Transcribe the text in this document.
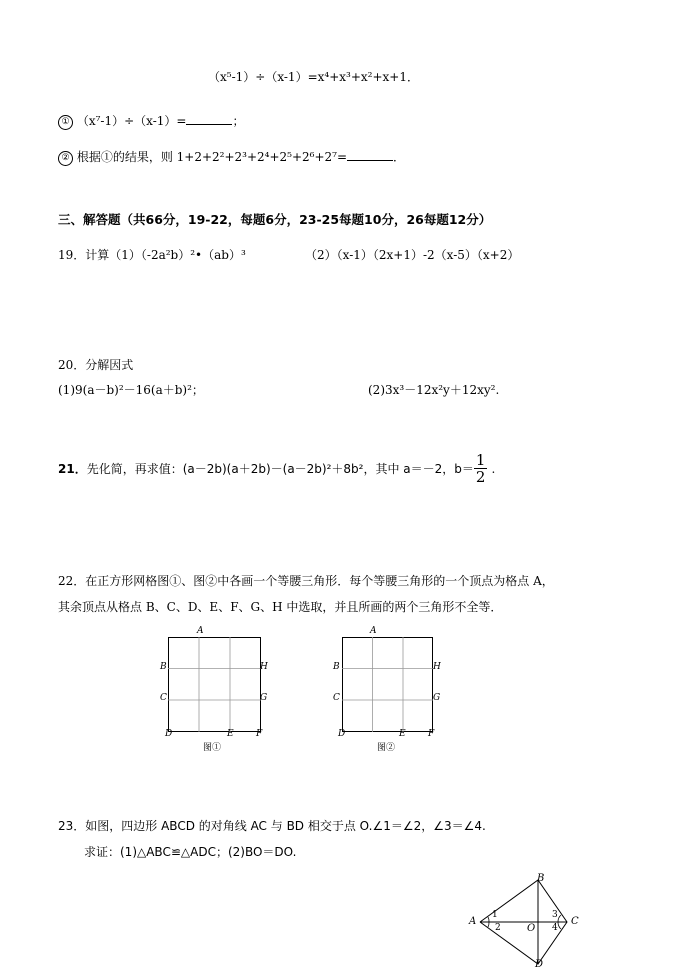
（x⁵-1）÷（x-1）=x⁴+x³+x²+x+1．
① （x⁷-1）÷（x-1）=	；
② 根据①的结果，则 1+2+2²+2³+2⁴+2⁵+2⁶+2⁷=	．
三、解答题（共66分，19-22，每题6分，23-25每题10分，26每题12分）
19．计算（1）（-2a²b）²•（ab）³	（2）（x-1）（2x+1）-2（x-5）（x+2）
20．分解因式
(1)9(a－b)²－16(a＋b)²；	(2)3x³－12x²y＋12xy².
21．先化简，再求值：(a－2b)(a＋2b)－(a－2b)²＋8b²，其中 a＝－2，$b= \frac{1}{2}$ .
22．在正方形网格图①、图②中各画一个等腰三角形．每个等腰三角形的一个顶点为格点 A，
其余顶点从格点 B、C、D、E、F、G、H 中选取，并且所画的两个三角形不全等．
A
B
C
D	E F
G
H
图①
A
B
C
D	E F
G
H
图②
23．如图，四边形 ABCD 的对角线 AC 与 BD 相交于点 O.∠1＝∠2，∠3＝∠4.
求证：(1)△ABC≌△ADC；(2)BO＝DO.
A
B
C
D
O
1
2
3
4
